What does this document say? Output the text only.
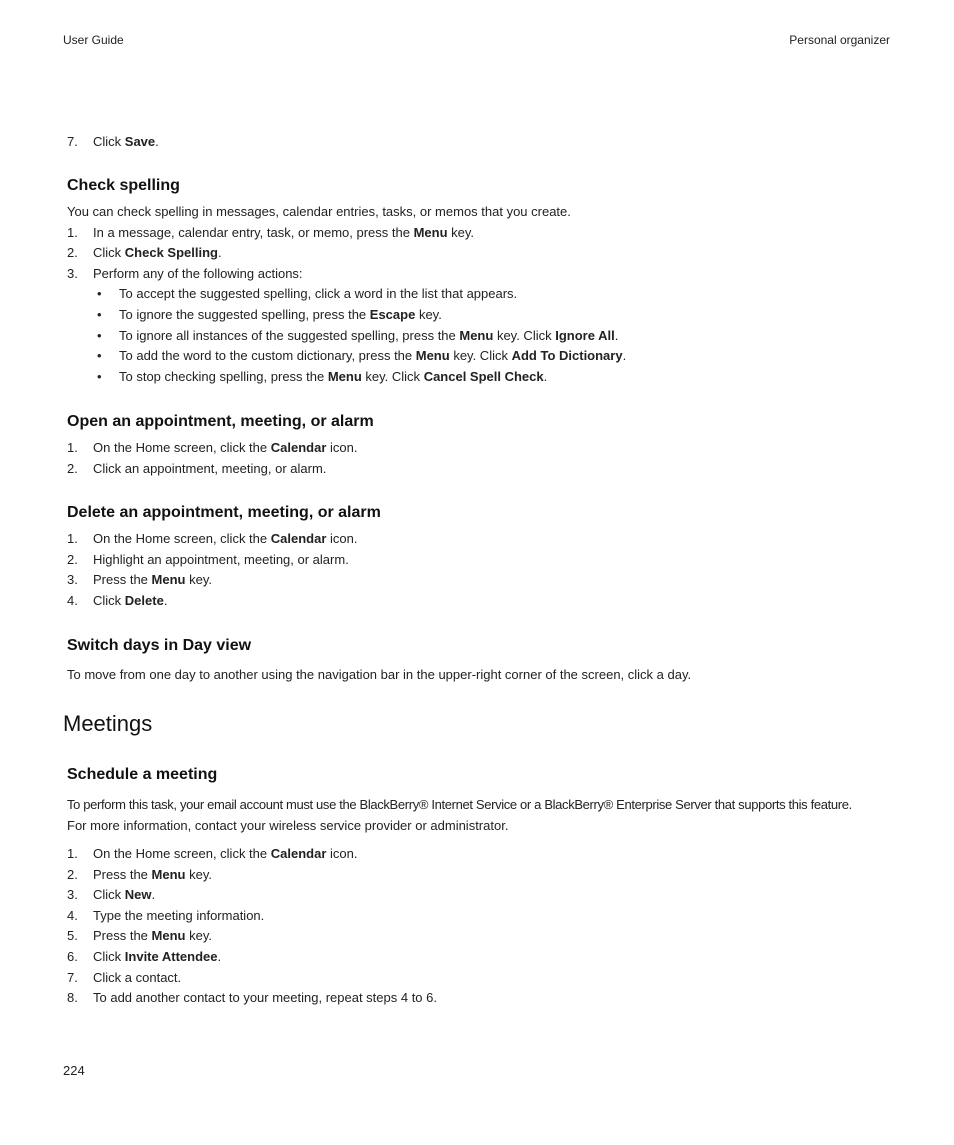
User Guide	Personal organizer
7. Click Save.
Check spelling
You can check spelling in messages, calendar entries, tasks, or memos that you create.
1. In a message, calendar entry, task, or memo, press the Menu key.
2. Click Check Spelling.
3. Perform any of the following actions:
• To accept the suggested spelling, click a word in the list that appears.
• To ignore the suggested spelling, press the Escape key.
• To ignore all instances of the suggested spelling, press the Menu key. Click Ignore All.
• To add the word to the custom dictionary, press the Menu key. Click Add To Dictionary.
• To stop checking spelling, press the Menu key. Click Cancel Spell Check.
Open an appointment, meeting, or alarm
1. On the Home screen, click the Calendar icon.
2. Click an appointment, meeting, or alarm.
Delete an appointment, meeting, or alarm
1. On the Home screen, click the Calendar icon.
2. Highlight an appointment, meeting, or alarm.
3. Press the Menu key.
4. Click Delete.
Switch days in Day view
To move from one day to another using the navigation bar in the upper-right corner of the screen, click a day.
Meetings
Schedule a meeting
To perform this task, your email account must use the BlackBerry® Internet Service or a BlackBerry® Enterprise Server that supports this feature.
For more information, contact your wireless service provider or administrator.
1. On the Home screen, click the Calendar icon.
2. Press the Menu key.
3. Click New.
4. Type the meeting information.
5. Press the Menu key.
6. Click Invite Attendee.
7. Click a contact.
8. To add another contact to your meeting, repeat steps 4 to 6.
224
